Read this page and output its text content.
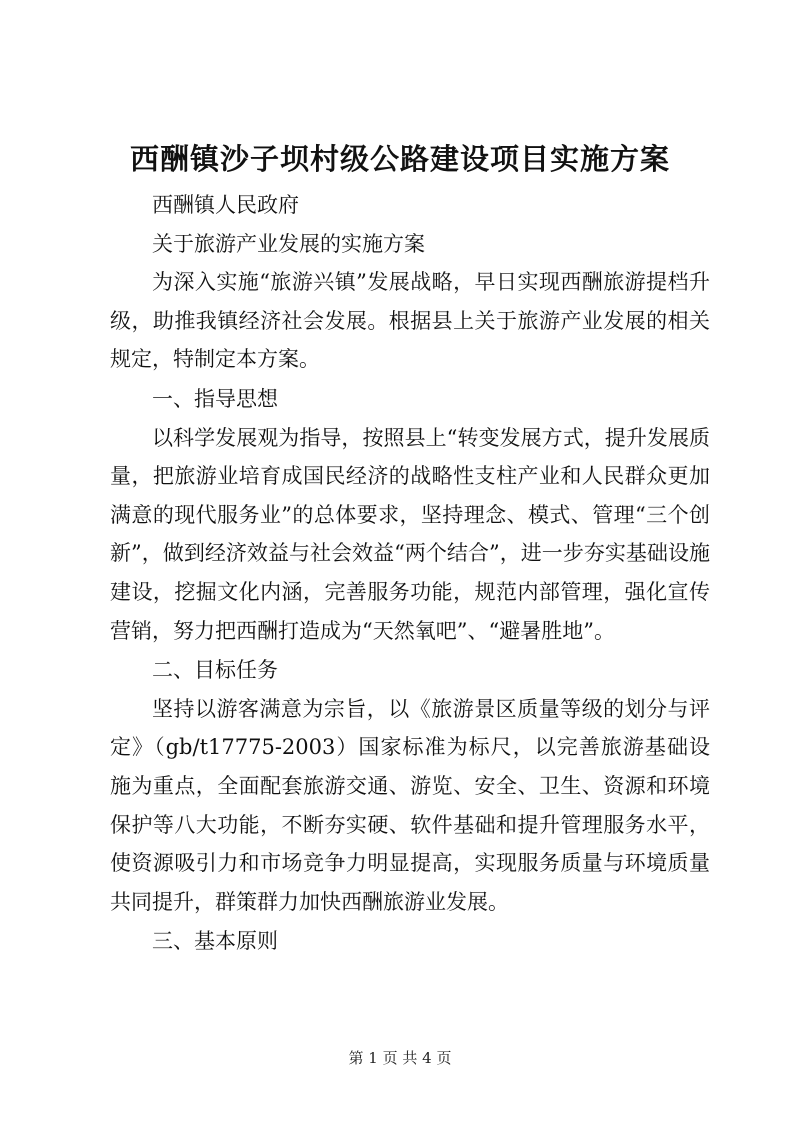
西酬镇沙子坝村级公路建设项目实施方案

西酬镇人民政府

关于旅游产业发展的实施方案

为深入实施“旅游兴镇”发展战略，早日实现西酬旅游提档升级，助推我镇经济社会发展。根据县上关于旅游产业发展的相关规定，特制定本方案。

一、指导思想

以科学发展观为指导，按照县上“转变发展方式，提升发展质量，把旅游业培育成国民经济的战略性支柱产业和人民群众更加满意的现代服务业”的总体要求，坚持理念、模式、管理“三个创新”，做到经济效益与社会效益“两个结合”，进一步夯实基础设施建设，挖掘文化内涵，完善服务功能，规范内部管理，强化宣传营销，努力把西酬打造成为“天然氧吧”、“避暑胜地”。

二、目标任务

坚持以游客满意为宗旨，以《旅游景区质量等级的划分与评定》（gb/t17775-2003）国家标准为标尺，以完善旅游基础设施为重点，全面配套旅游交通、游览、安全、卫生、资源和环境保护等八大功能，不断夯实硬、软件基础和提升管理服务水平，使资源吸引力和市场竞争力明显提高，实现服务质量与环境质量共同提升，群策群力加快西酬旅游业发展。

三、基本原则

第 1 页 共 4 页
